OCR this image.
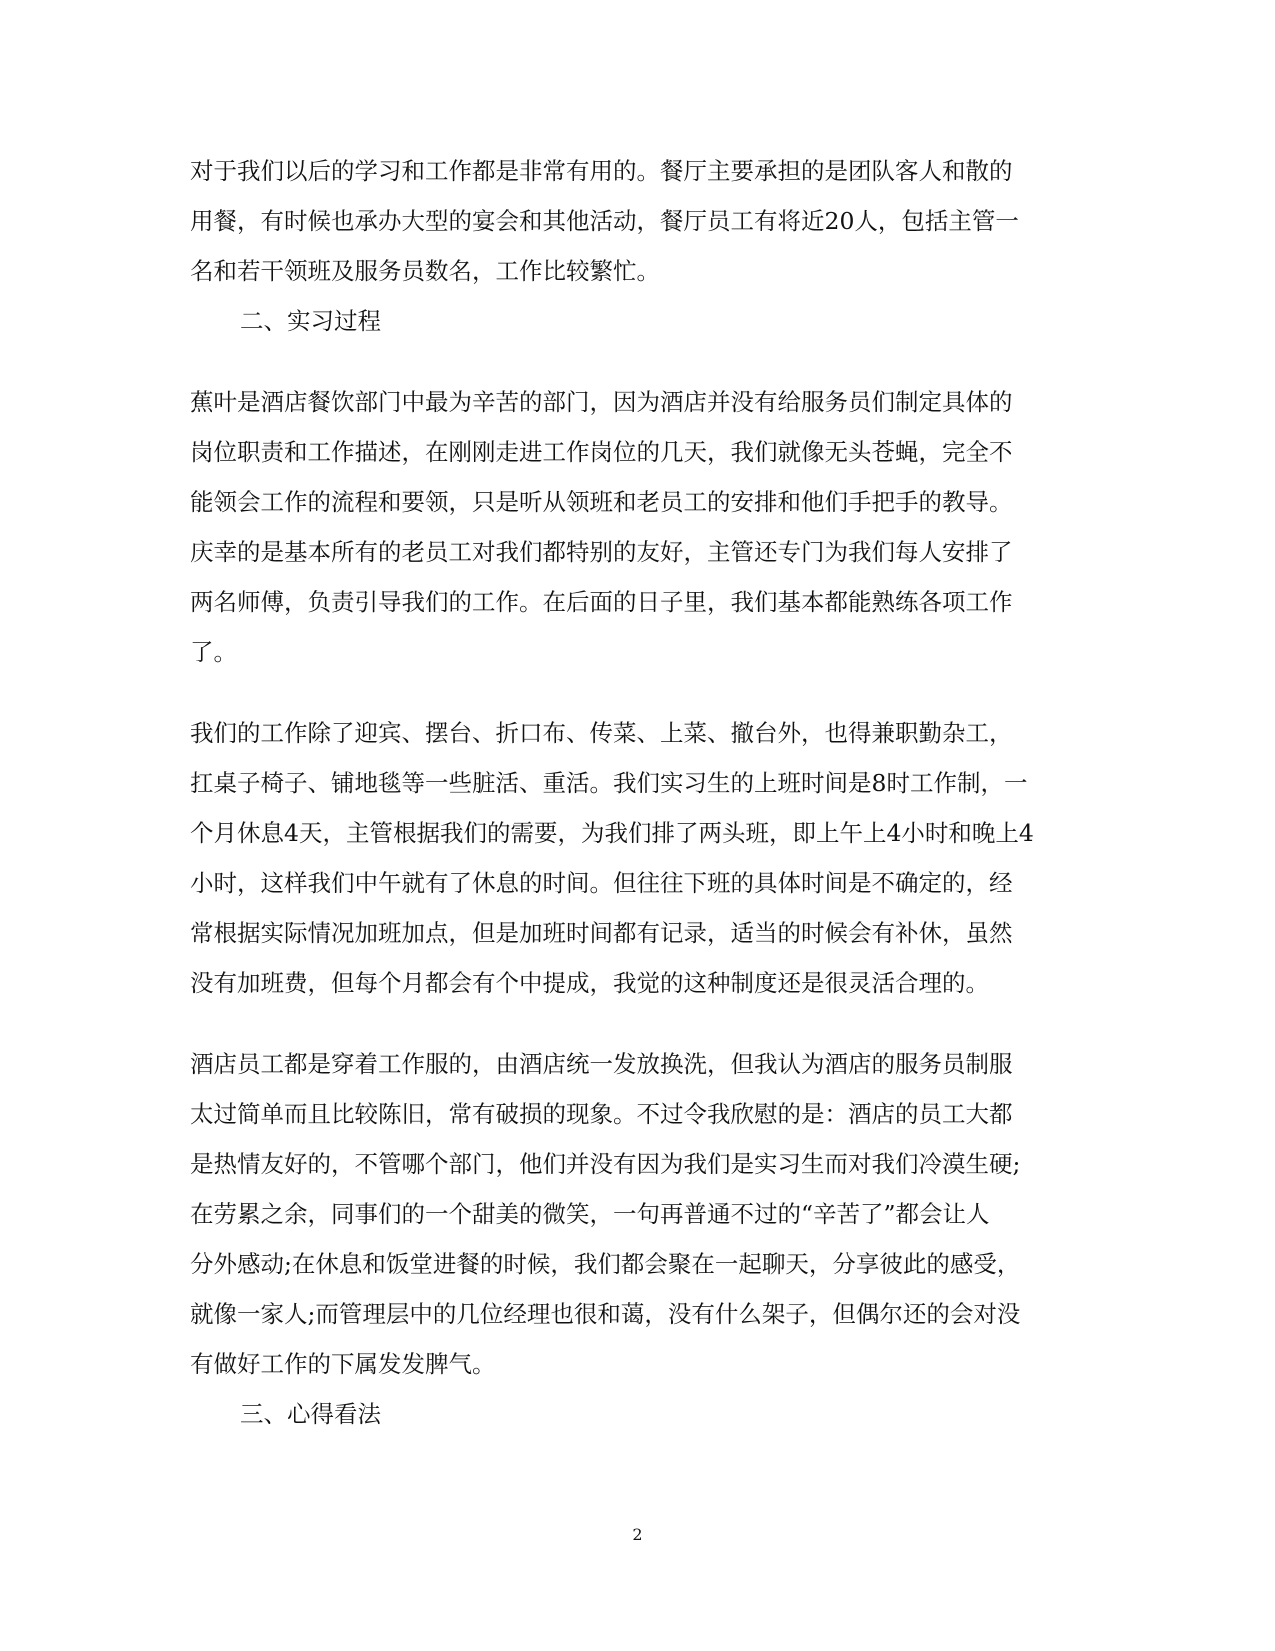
对于我们以后的学习和工作都是非常有用的。餐厅主要承担的是团队客人和散的
用餐，有时候也承办大型的宴会和其他活动，餐厅员工有将近20人，包括主管一
名和若干领班及服务员数名，工作比较繁忙。
二、实习过程
蕉叶是酒店餐饮部门中最为辛苦的部门，因为酒店并没有给服务员们制定具体的
岗位职责和工作描述，在刚刚走进工作岗位的几天，我们就像无头苍蝇，完全不
能领会工作的流程和要领，只是听从领班和老员工的安排和他们手把手的教导。
庆幸的是基本所有的老员工对我们都特别的友好，主管还专门为我们每人安排了
两名师傅，负责引导我们的工作。在后面的日子里，我们基本都能熟练各项工作
了。
我们的工作除了迎宾、摆台、折口布、传菜、上菜、撤台外，也得兼职勤杂工，
扛桌子椅子、铺地毯等一些脏活、重活。我们实习生的上班时间是8时工作制，一
个月休息4天，主管根据我们的需要，为我们排了两头班，即上午上4小时和晚上4
小时，这样我们中午就有了休息的时间。但往往下班的具体时间是不确定的，经
常根据实际情况加班加点，但是加班时间都有记录，适当的时候会有补休，虽然
没有加班费，但每个月都会有个中提成，我觉的这种制度还是很灵活合理的。
酒店员工都是穿着工作服的，由酒店统一发放换洗，但我认为酒店的服务员制服
太过简单而且比较陈旧，常有破损的现象。不过令我欣慰的是：酒店的员工大都
是热情友好的，不管哪个部门，他们并没有因为我们是实习生而对我们冷漠生硬;
在劳累之余，同事们的一个甜美的微笑，一句再普通不过的“辛苦了”都会让人
分外感动;在休息和饭堂进餐的时候，我们都会聚在一起聊天，分享彼此的感受，
就像一家人;而管理层中的几位经理也很和蔼，没有什么架子，但偶尔还的会对没
有做好工作的下属发发脾气。
三、心得看法
2
